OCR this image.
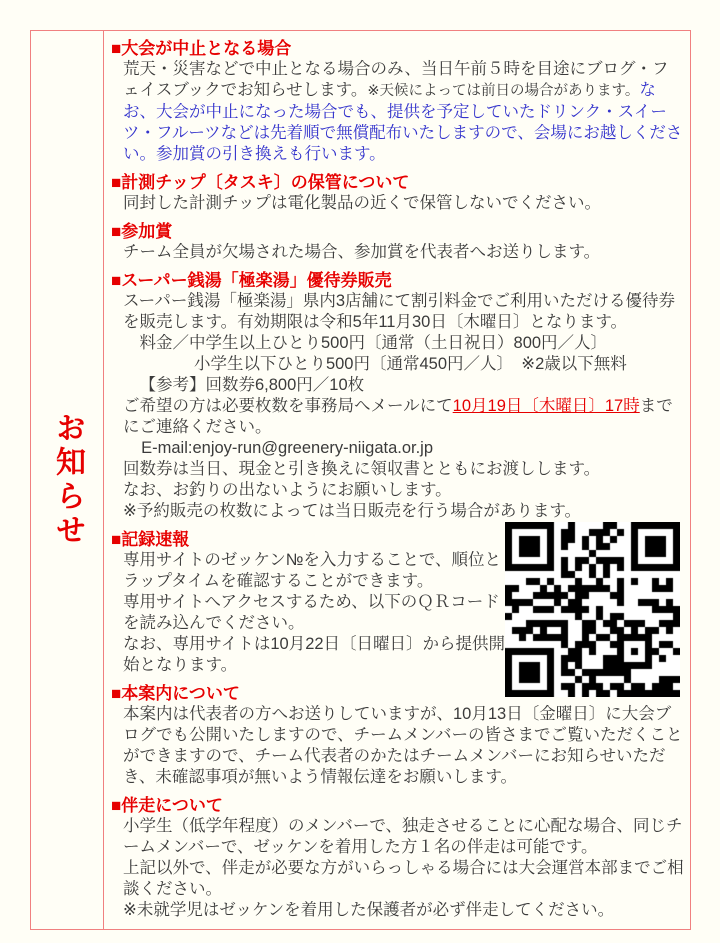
お知らせ
■大会が中止となる場合

荒天・災害などで中止となる場合のみ、当日午前５時を目途にブログ・フェイスブックでお知らせします。※天候によっては前日の場合があります。なお、大会が中止になった場合でも、提供を予定していたドリンク・スイーツ・フルーツなどは先着順で無償配布いたしますので、会場にお越しください。参加賞の引き換えも行います。

■計測チップ〔タスキ〕の保管について

同封した計測チップは電化製品の近くで保管しないでください。

■参加賞

チーム全員が欠場された場合、参加賞を代表者へお送りします。

■スーパー銭湯「極楽湯」優待券販売

スーパー銭湯「極楽湯」県内3店舗にて割引料金でご利用いただける優待券を販売します。有効期限は令和5年11月30日〔木曜日〕となります。

料金／中学生以上ひとり500円〔通常（土日祝日）800円／人〕

小学生以下ひとり500円〔通常450円／人〕　※2歳以下無料

【参考】回数券6,800円／10枚

ご希望の方は必要枚数を事務局へメールにて10月19日〔木曜日〕17時までにご連絡ください。

E-mail:enjoy-run@greenery-niigata.or.jp

回数券は当日、現金と引き換えに領収書とともにお渡しします。

なお、お釣りの出ないようにお願いします。

※予約販売の枚数によっては当日販売を行う場合があります。

■記録速報

専用サイトのゼッケン№を入力することで、順位とラップタイムを確認することができます。

専用サイトへアクセスするため、以下のＱＲコードを読み込んでください。

なお、専用サイトは10月22日〔日曜日〕から提供開始となります。

■本案内について

本案内は代表者の方へお送りしていますが、10月13日〔金曜日〕に大会ブログでも公開いたしますので、チームメンバーの皆さまでご覧いただくことができますので、チーム代表者のかたはチームメンバーにお知らせいただき、未確認事項が無いよう情報伝達をお願いします。

■伴走について

小学生（低学年程度）のメンバーで、独走させることに心配な場合、同じチームメンバーで、ゼッケンを着用した方１名の伴走は可能です。

上記以外で、伴走が必要な方がいらっしゃる場合には大会運営本部までご相談ください。

※未就学児はゼッケンを着用した保護者が必ず伴走してください。
